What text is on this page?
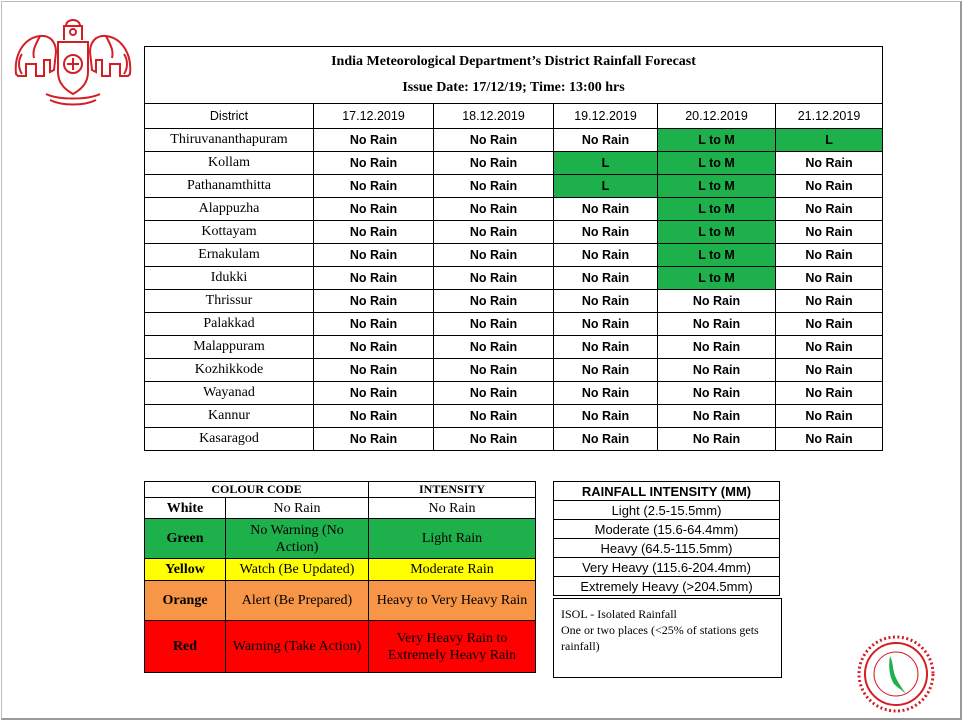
India Meteorological Department’s District Rainfall Forecast
Issue Date: 17/12/19; Time: 13:00 hrs					

District	17.12.2019	18.12.2019	19.12.2019	20.12.2019	21.12.2019
Thiruvananthapuram	No Rain	No Rain	No Rain	L to M	L
Kollam	No Rain	No Rain	L	L to M	No Rain
Pathanamthitta	No Rain	No Rain	L	L to M	No Rain
Alappuzha	No Rain	No Rain	No Rain	L to M	No Rain
Kottayam	No Rain	No Rain	No Rain	L to M	No Rain
Ernakulam	No Rain	No Rain	No Rain	L to M	No Rain
Idukki	No Rain	No Rain	No Rain	L to M	No Rain
Thrissur	No Rain	No Rain	No Rain	No Rain	No Rain
Palakkad	No Rain	No Rain	No Rain	No Rain	No Rain
Malappuram	No Rain	No Rain	No Rain	No Rain	No Rain
Kozhikkode	No Rain	No Rain	No Rain	No Rain	No Rain
Wayanad	No Rain	No Rain	No Rain	No Rain	No Rain
Kannur	No Rain	No Rain	No Rain	No Rain	No Rain
Kasaragod	No Rain	No Rain	No Rain	No Rain	No Rain
COLOUR CODE		INTENSITY
White	No Rain	No Rain
Green	No Warning (No Action)	Light Rain
Yellow	Watch (Be Updated)	Moderate Rain
Orange	Alert (Be Prepared)	Heavy to Very Heavy Rain
Red	Warning (Take Action)	Very Heavy Rain to Extremely Heavy Rain
RAINFALL INTENSITY (MM)
Light (2.5-15.5mm)
Moderate (15.6-64.4mm)
Heavy (64.5-115.5mm)
Very Heavy (115.6-204.4mm)
Extremely Heavy (>204.5mm)
ISOL - Isolated Rainfall
One or two places (<25% of stations gets
rainfall)
